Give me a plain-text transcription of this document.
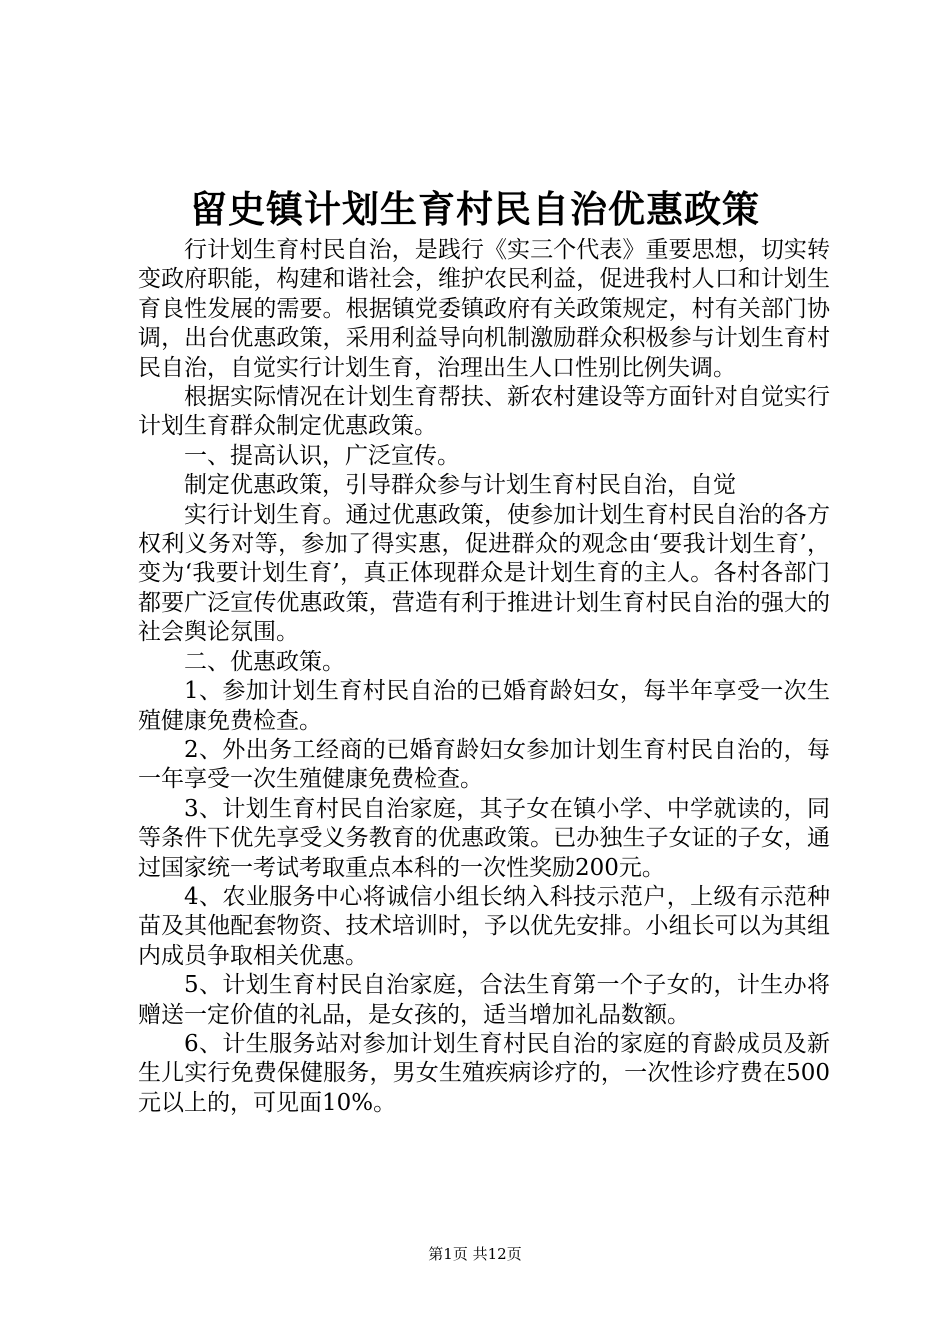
留史镇计划生育村民自治优惠政策

行计划生育村民自治，是践行《实三个代表》重要思想，切实转变政府职能，构建和谐社会，维护农民利益，促进我村人口和计划生育良性发展的需要。根据镇党委镇政府有关政策规定，村有关部门协调，出台优惠政策，采用利益导向机制激励群众积极参与计划生育村民自治，自觉实行计划生育，治理出生人口性别比例失调。

根据实际情况在计划生育帮扶、新农村建设等方面针对自觉实行计划生育群众制定优惠政策。

一、提高认识，广泛宣传。

制定优惠政策，引导群众参与计划生育村民自治，自觉

实行计划生育。通过优惠政策，使参加计划生育村民自治的各方权利义务对等，参加了得实惠，促进群众的观念由‘要我计划生育’，变为‘我要计划生育’，真正体现群众是计划生育的主人。各村各部门都要广泛宣传优惠政策，营造有利于推进计划生育村民自治的强大的社会舆论氛围。

二、优惠政策。

1、参加计划生育村民自治的已婚育龄妇女，每半年享受一次生殖健康免费检查。

2、外出务工经商的已婚育龄妇女参加计划生育村民自治的，每一年享受一次生殖健康免费检查。

3、计划生育村民自治家庭，其子女在镇小学、中学就读的，同等条件下优先享受义务教育的优惠政策。已办独生子女证的子女，通过国家统一考试考取重点本科的一次性奖励200元。

4、农业服务中心将诚信小组长纳入科技示范户，上级有示范种苗及其他配套物资、技术培训时，予以优先安排。小组长可以为其组内成员争取相关优惠。

5、计划生育村民自治家庭，合法生育第一个子女的，计生办将赠送一定价值的礼品，是女孩的，适当增加礼品数额。

6、计生服务站对参加计划生育村民自治的家庭的育龄成员及新生儿实行免费保健服务，男女生殖疾病诊疗的，一次性诊疗费在500元以上的，可见面10%。

第1页 共12页
